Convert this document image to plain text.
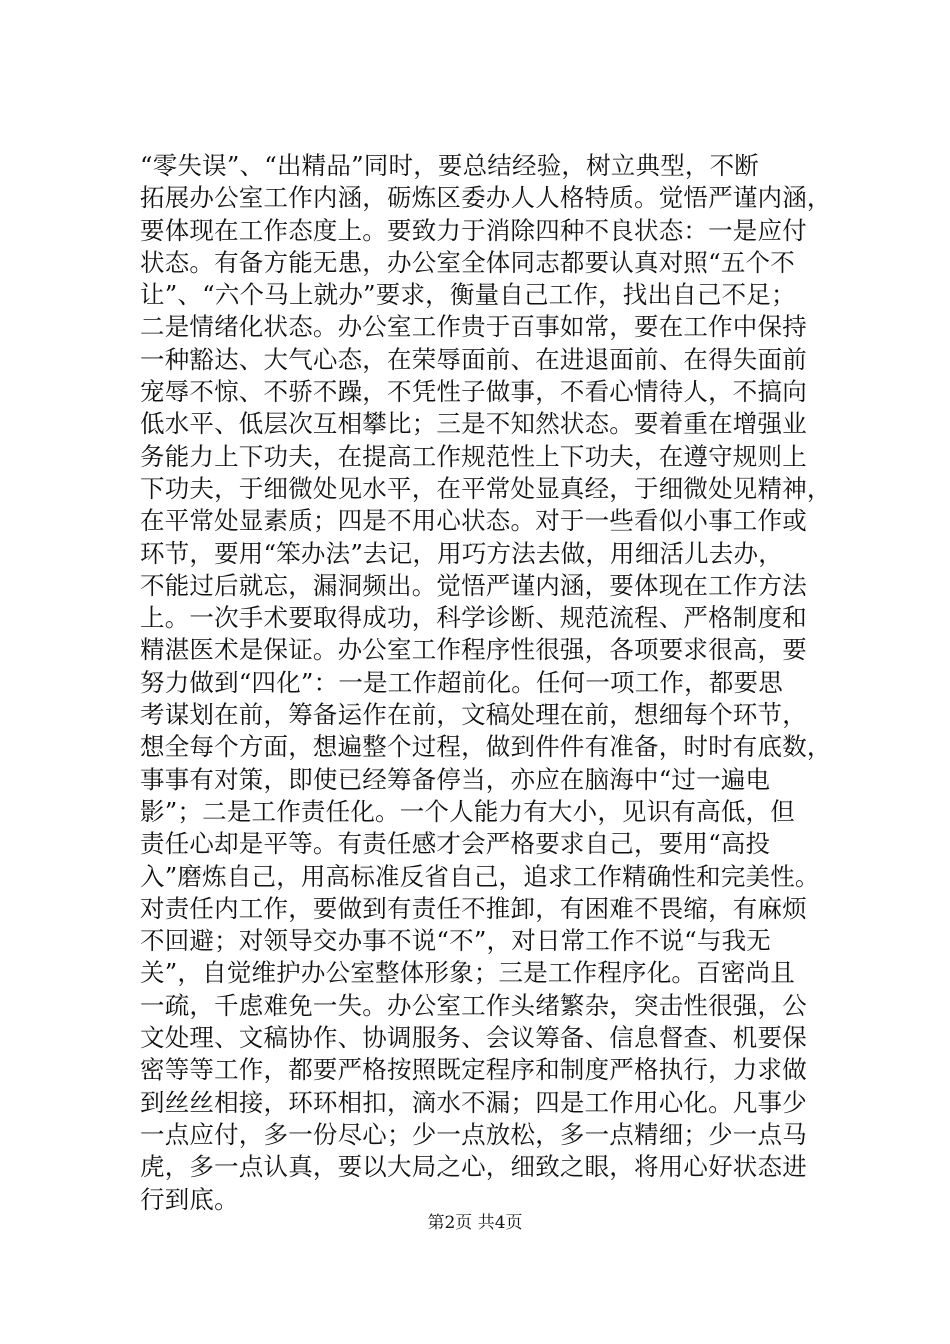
“零失误”、“出精品”同时，要总结经验，树立典型，不断
拓展办公室工作内涵，砺炼区委办人人格特质。觉悟严谨内涵，
要体现在工作态度上。要致力于消除四种不良状态：一是应付
状态。有备方能无患，办公室全体同志都要认真对照“五个不
让”、“六个马上就办”要求，衡量自己工作，找出自己不足；
二是情绪化状态。办公室工作贵于百事如常，要在工作中保持
一种豁达、大气心态，在荣辱面前、在进退面前、在得失面前
宠辱不惊、不骄不躁，不凭性子做事，不看心情待人，不搞向
低水平、低层次互相攀比；三是不知然状态。要着重在增强业
务能力上下功夫，在提高工作规范性上下功夫，在遵守规则上
下功夫，于细微处见水平，在平常处显真经，于细微处见精神，
在平常处显素质；四是不用心状态。对于一些看似小事工作或
环节，要用“笨办法”去记，用巧方法去做，用细活儿去办，
不能过后就忘，漏洞频出。觉悟严谨内涵，要体现在工作方法
上。一次手术要取得成功，科学诊断、规范流程、严格制度和
精湛医术是保证。办公室工作程序性很强，各项要求很高，要
努力做到“四化”：一是工作超前化。任何一项工作，都要思
考谋划在前，筹备运作在前，文稿处理在前，想细每个环节，
想全每个方面，想遍整个过程，做到件件有准备，时时有底数，
事事有对策，即使已经筹备停当，亦应在脑海中“过一遍电
影”；二是工作责任化。一个人能力有大小，见识有高低，但
责任心却是平等。有责任感才会严格要求自己，要用“高投
入”磨炼自己，用高标准反省自己，追求工作精确性和完美性。
对责任内工作，要做到有责任不推卸，有困难不畏缩，有麻烦
不回避；对领导交办事不说“不”，对日常工作不说“与我无
关”，自觉维护办公室整体形象；三是工作程序化。百密尚且
一疏，千虑难免一失。办公室工作头绪繁杂，突击性很强，公
文处理、文稿协作、协调服务、会议筹备、信息督查、机要保
密等等工作，都要严格按照既定程序和制度严格执行，力求做
到丝丝相接，环环相扣，滴水不漏；四是工作用心化。凡事少
一点应付，多一份尽心；少一点放松，多一点精细；少一点马
虎，多一点认真，要以大局之心，细致之眼，将用心好状态进
行到底。
第2页 共4页
